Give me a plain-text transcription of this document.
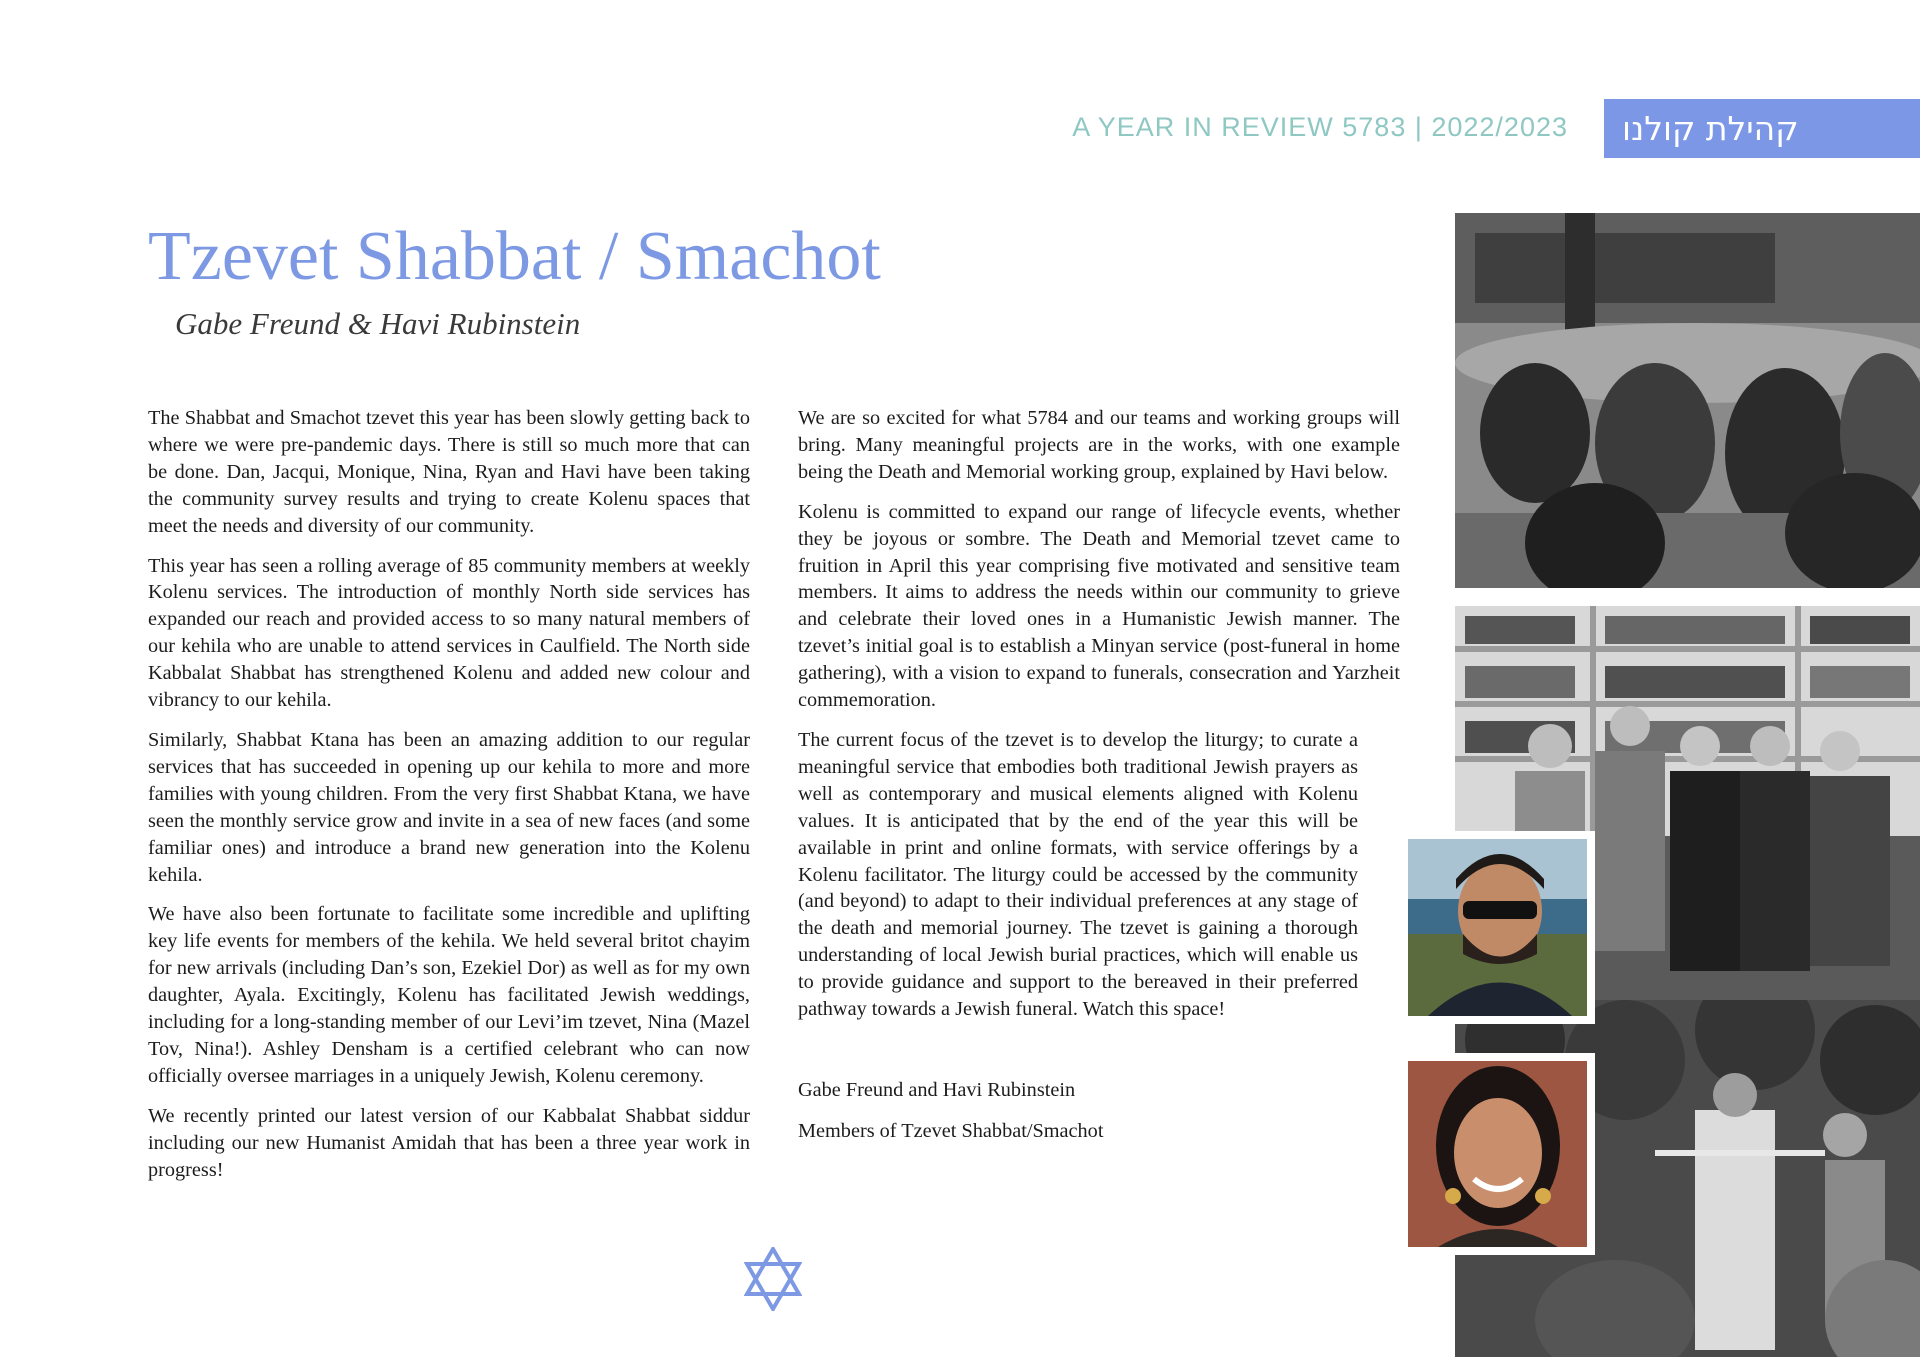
A YEAR IN REVIEW 5783 | 2022/2023 קהילת קולנו
Tzevet Shabbat / Smachot
Gabe Freund & Havi Rubinstein

The Shabbat and Smachot tzevet this year has been slowly getting back to where we were pre-pandemic days. There is still so much more that can be done. Dan, Jacqui, Monique, Nina, Ryan and Havi have been taking the community survey results and trying to create Kolenu spaces that meet the needs and diversity of our community.

This year has seen a rolling average of 85 community members at weekly Kolenu services. The introduction of monthly North side services has expanded our reach and provided access to so many natural members of our kehila who are unable to attend services in Caulfield. The North side Kabbalat Shabbat has strengthened Kolenu and added new colour and vibrancy to our kehila.

Similarly, Shabbat Ktana has been an amazing addition to our regular services that has succeeded in opening up our kehila to more and more families with young children. From the very first Shabbat Ktana, we have seen the monthly service grow and invite in a sea of new faces (and some familiar ones) and introduce a brand new generation into the Kolenu kehila.

We have also been fortunate to facilitate some incredible and uplifting key life events for members of the kehila. We held several britot chayim for new arrivals (including Dan’s son, Ezekiel Dor) as well as for my own daughter, Ayala. Excitingly, Kolenu has facilitated Jewish weddings, including for a long-standing member of our Levi’im tzevet, Nina (Mazel Tov, Nina!). Ashley Densham is a certified celebrant who can now officially oversee marriages in a uniquely Jewish, Kolenu ceremony.

We recently printed our latest version of our Kabbalat Shabbat siddur including our new Humanist Amidah that has been a three year work in progress!

We are so excited for what 5784 and our teams and working groups will bring. Many meaningful projects are in the works, with one example being the Death and Memorial working group, explained by Havi below.

Kolenu is committed to expand our range of lifecycle events, whether they be joyous or sombre. The Death and Memorial tzevet came to fruition in April this year comprising five motivated and sensitive team members. It aims to address the needs within our community to grieve and celebrate their loved ones in a Humanistic Jewish manner. The tzevet’s initial goal is to establish a Minyan service (post-funeral in home gathering), with a vision to expand to funerals, consecration and Yarzheit commemoration.

The current focus of the tzevet is to develop the liturgy; to curate a meaningful service that embodies both traditional Jewish prayers as well as contemporary and musical elements aligned with Kolenu values. It is anticipated that by the end of the year this will be available in print and online formats, with service offerings by a Kolenu facilitator. The liturgy could be accessed by the community (and beyond) to adapt to their individual preferences at any stage of the death and memorial journey. The tzevet is gaining a thorough understanding of local Jewish burial practices, which will enable us to provide guidance and support to the bereaved in their preferred pathway towards a Jewish funeral. Watch this space!

Gabe Freund and Havi Rubinstein

Members of Tzevet Shabbat/Smachot
